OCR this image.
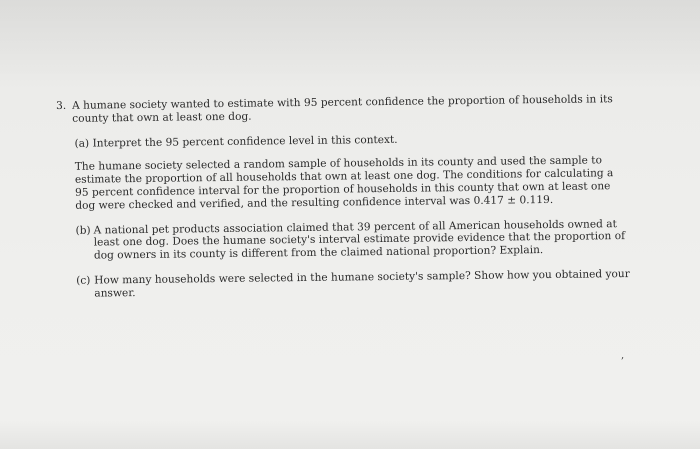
3. A humane society wanted to estimate with 95 percent confidence the proportion of households in its county that own at least one dog.
(a) Interpret the 95 percent confidence level in this context.
The humane society selected a random sample of households in its county and used the sample to estimate the proportion of all households that own at least one dog. The conditions for calculating a 95 percent confidence interval for the proportion of households in this county that own at least one dog were checked and verified, and the resulting confidence interval was 0.417 ± 0.119.
(b) A national pet products association claimed that 39 percent of all American households owned at least one dog. Does the humane society's interval estimate provide evidence that the proportion of dog owners in its county is different from the claimed national proportion? Explain.
(c) How many households were selected in the humane society's sample? Show how you obtained your answer.
,
